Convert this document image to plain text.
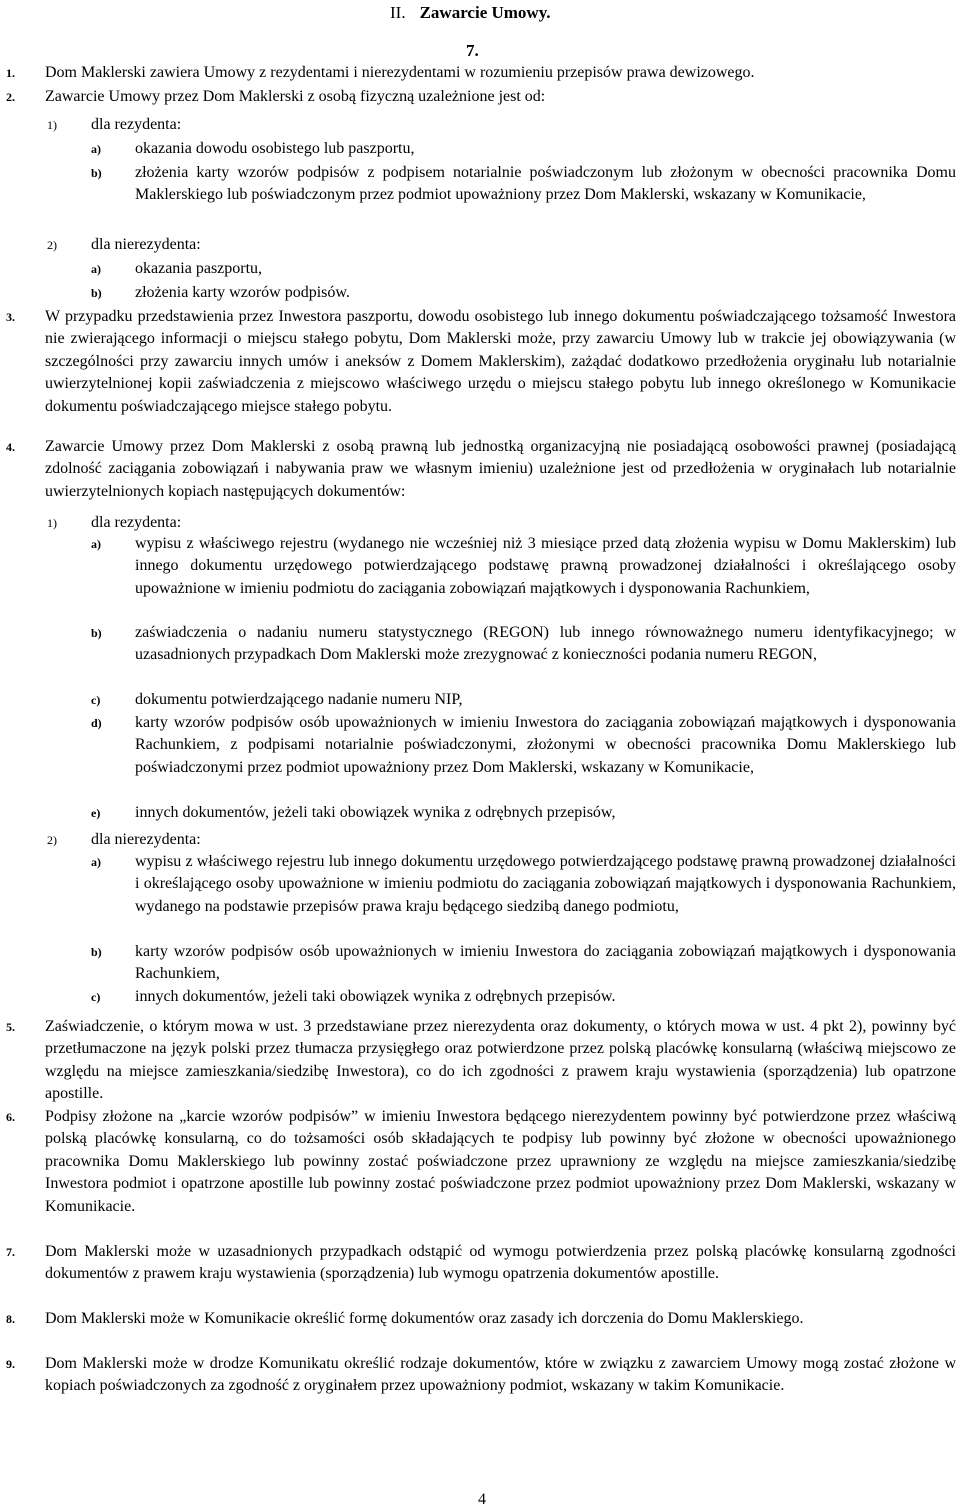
II. Zawarcie Umowy.
7.
1. Dom Maklerski zawiera Umowy z rezydentami i nierezydentami w rozumieniu przepisów prawa dewizowego.
2. Zawarcie Umowy przez Dom Maklerski z osobą fizyczną uzależnione jest od:
1) dla rezydenta:
a) okazania dowodu osobistego lub paszportu,
b) złożenia karty wzorów podpisów z podpisem notarialnie poświadczonym lub złożonym w obecności pracownika Domu Maklerskiego lub poświadczonym przez podmiot upoważniony przez Dom Maklerski, wskazany w Komunikacie,
2) dla nierezydenta:
a) okazania paszportu,
b) złożenia karty wzorów podpisów.
3. W przypadku przedstawienia przez Inwestora paszportu, dowodu osobistego lub innego dokumentu poświadczającego tożsamość Inwestora nie zwierającego informacji o miejscu stałego pobytu, Dom Maklerski może, przy zawarciu Umowy lub w trakcie jej obowiązywania (w szczególności przy zawarciu innych umów i aneksów z Domem Maklerskim), zażądać dodatkowo przedłożenia oryginału lub notarialnie uwierzytelnionej kopii zaświadczenia z miejscowo właściwego urzędu o miejscu stałego pobytu lub innego określonego w Komunikacie dokumentu poświadczającego miejsce stałego pobytu.
4. Zawarcie Umowy przez Dom Maklerski z osobą prawną lub jednostką organizacyjną nie posiadającą osobowości prawnej (posiadającą zdolność zaciągania zobowiązań i nabywania praw we własnym imieniu) uzależnione jest od przedłożenia w oryginałach lub notarialnie uwierzytelnionych kopiach następujących dokumentów:
1) dla rezydenta:
a) wypisu z właściwego rejestru (wydanego nie wcześniej niż 3 miesiące przed datą złożenia wypisu w Domu Maklerskim) lub innego dokumentu urzędowego potwierdzającego podstawę prawną prowadzonej działalności i określającego osoby upoważnione w imieniu podmiotu do zaciągania zobowiązań majątkowych i dysponowania Rachunkiem,
b) zaświadczenia o nadaniu numeru statystycznego (REGON) lub innego równoważnego numeru identyfikacyjnego; w uzasadnionych przypadkach Dom Maklerski może zrezygnować z konieczności podania numeru REGON,
c) dokumentu potwierdzającego nadanie numeru NIP,
d) karty wzorów podpisów osób upoważnionych w imieniu Inwestora do zaciągania zobowiązań majątkowych i dysponowania Rachunkiem, z podpisami notarialnie poświadczonymi, złożonymi w obecności pracownika Domu Maklerskiego lub poświadczonymi przez podmiot upoważniony przez Dom Maklerski, wskazany w Komunikacie,
e) innych dokumentów, jeżeli taki obowiązek wynika z odrębnych przepisów,
2) dla nierezydenta:
a) wypisu z właściwego rejestru lub innego dokumentu urzędowego potwierdzającego podstawę prawną prowadzonej działalności i określającego osoby upoważnione w imieniu podmiotu do zaciągania zobowiązań majątkowych i dysponowania Rachunkiem, wydanego na podstawie przepisów prawa kraju będącego siedzibą danego podmiotu,
b) karty wzorów podpisów osób upoważnionych w imieniu Inwestora do zaciągania zobowiązań majątkowych i dysponowania Rachunkiem,
c) innych dokumentów, jeżeli taki obowiązek wynika z odrębnych przepisów.
5. Zaświadczenie, o którym mowa w ust. 3 przedstawiane przez nierezydenta oraz dokumenty, o których mowa w ust. 4 pkt 2), powinny być przetłumaczone na język polski przez tłumacza przysięgłego oraz potwierdzone przez polską placówkę konsularną (właściwą miejscowo ze względu na miejsce zamieszkania/siedzibę Inwestora), co do ich zgodności z prawem kraju wystawienia (sporządzenia) lub opatrzone apostille.
6. Podpisy złożone na „karcie wzorów podpisów” w imieniu Inwestora będącego nierezydentem powinny być potwierdzone przez właściwą polską placówkę konsularną, co do tożsamości osób składających te podpisy lub powinny być złożone w obecności upoważnionego pracownika Domu Maklerskiego lub powinny zostać poświadczone przez uprawniony ze względu na miejsce zamieszkania/siedzibę Inwestora podmiot i opatrzone apostille lub powinny zostać poświadczone przez podmiot upoważniony przez Dom Maklerski, wskazany w Komunikacie.
7. Dom Maklerski może w uzasadnionych przypadkach odstąpić od wymogu potwierdzenia przez polską placówkę konsularną zgodności dokumentów z prawem kraju wystawienia (sporządzenia) lub wymogu opatrzenia dokumentów apostille.
8. Dom Maklerski może w Komunikacie określić formę dokumentów oraz zasady ich dorczenia do Domu Maklerskiego.
9. Dom Maklerski może w drodze Komunikatu określić rodzaje dokumentów, które w związku z zawarciem Umowy mogą zostać złożone w kopiach poświadczonych za zgodność z oryginałem przez upoważniony podmiot, wskazany w takim Komunikacie.
4
